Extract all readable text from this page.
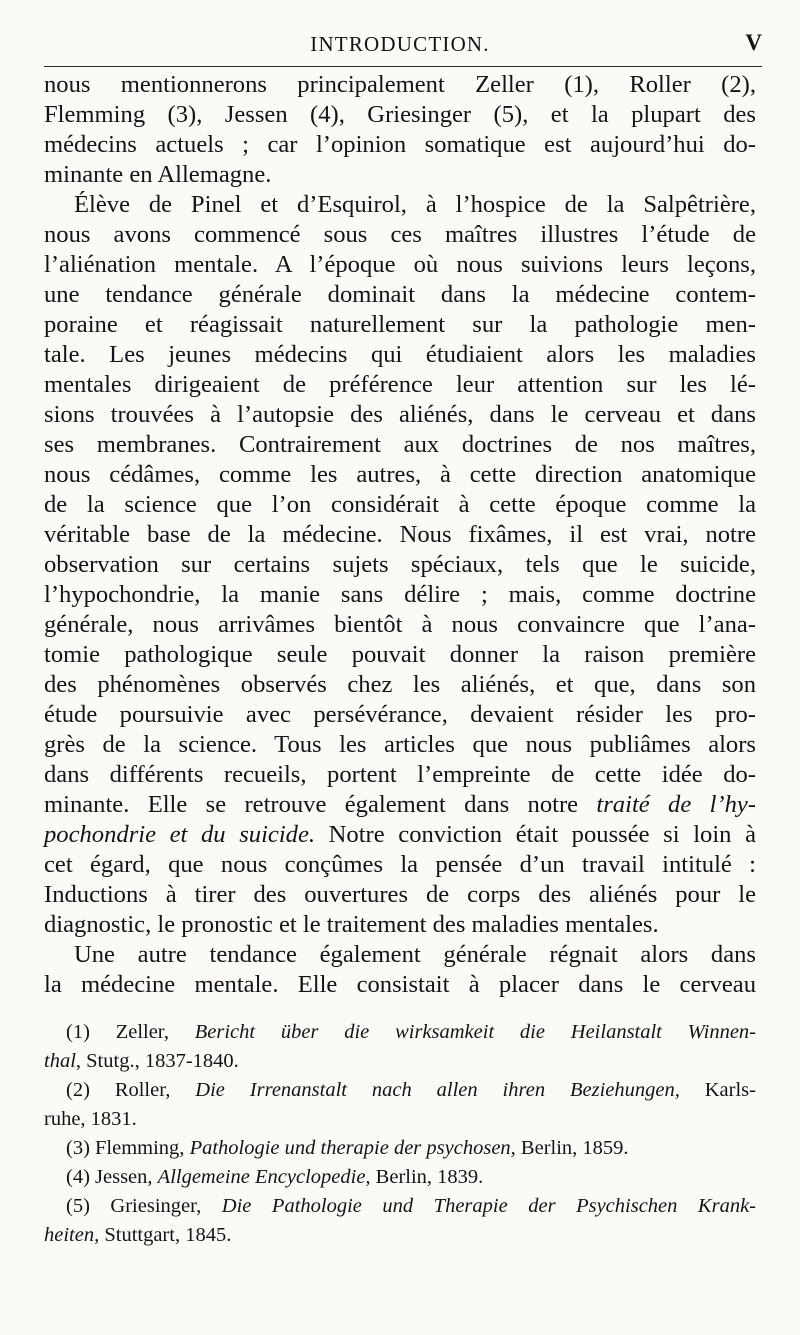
INTRODUCTION.	V
nous mentionnerons principalement Zeller (1), Roller (2),
Flemming (3), Jessen (4), Griesinger (5), et la plupart des
médecins actuels ; car l’opinion somatique est aujourd’hui do-
minante en Allemagne.
Élève de Pinel et d’Esquirol, à l’hospice de la Salpêtrière,
nous avons commencé sous ces maîtres illustres l’étude de
l’aliénation mentale. A l’époque où nous suivions leurs leçons,
une tendance générale dominait dans la médecine contem-
poraine et réagissait naturellement sur la pathologie men-
tale. Les jeunes médecins qui étudiaient alors les maladies
mentales dirigeaient de préférence leur attention sur les lé-
sions trouvées à l’autopsie des aliénés, dans le cerveau et dans
ses membranes. Contrairement aux doctrines de nos maîtres,
nous cédâmes, comme les autres, à cette direction anatomique
de la science que l’on considérait à cette époque comme la
véritable base de la médecine. Nous fixâmes, il est vrai, notre
observation sur certains sujets spéciaux, tels que le suicide,
l’hypochondrie, la manie sans délire ; mais, comme doctrine
générale, nous arrivâmes bientôt à nous convaincre que l’ana-
tomie pathologique seule pouvait donner la raison première
des phénomènes observés chez les aliénés, et que, dans son
étude poursuivie avec persévérance, devaient résider les pro-
grès de la science. Tous les articles que nous publiâmes alors
dans différents recueils, portent l’empreinte de cette idée do-
minante. Elle se retrouve également dans notre traité de l’hy-
pochondrie et du suicide. Notre conviction était poussée si loin à
cet égard, que nous conçûmes la pensée d’un travail intitulé :
Inductions à tirer des ouvertures de corps des aliénés pour le
diagnostic, le pronostic et le traitement des maladies mentales.
Une autre tendance également générale régnait alors dans
la médecine mentale. Elle consistait à placer dans le cerveau
(1) Zeller, Bericht über die wirksamkeit die Heilanstalt Winnen-
thal, Stutg., 1837-1840.
(2) Roller, Die Irrenanstalt nach allen ihren Beziehungen, Karls-
ruhe, 1831.
(3) Flemming, Pathologie und therapie der psychosen, Berlin, 1859.
(4) Jessen, Allgemeine Encyclopedie, Berlin, 1839.
(5) Griesinger, Die Pathologie und Therapie der Psychischen Krank-
heiten, Stuttgart, 1845.
